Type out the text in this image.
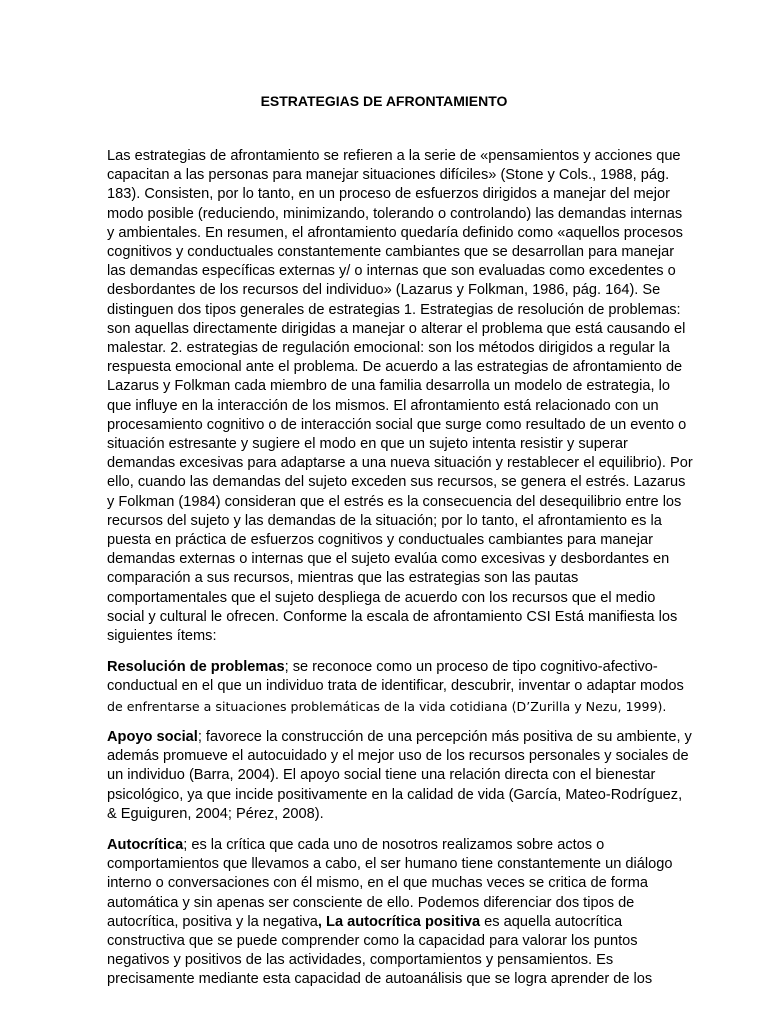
ESTRATEGIAS DE AFRONTAMIENTO
Las estrategias de afrontamiento se refieren a la serie de «pensamientos y acciones que
capacitan a las personas para manejar situaciones difíciles» (Stone y Cols., 1988, pág.
183). Consisten, por lo tanto, en un proceso de esfuerzos dirigidos a manejar del mejor
modo posible (reduciendo, minimizando, tolerando o controlando) las demandas internas
y ambientales. En resumen, el afrontamiento quedaría definido como «aquellos procesos
cognitivos y conductuales constantemente cambiantes que se desarrollan para manejar
las demandas específicas externas y/ o internas que son evaluadas como excedentes o
desbordantes de los recursos del individuo» (Lazarus y Folkman, 1986, pág. 164). Se
distinguen dos tipos generales de estrategias 1. Estrategias de resolución de problemas:
son aquellas directamente dirigidas a manejar o alterar el problema que está causando el
malestar. 2. estrategias de regulación emocional: son los métodos dirigidos a regular la
respuesta emocional ante el problema. De acuerdo a las estrategias de afrontamiento de
Lazarus y Folkman cada miembro de una familia desarrolla un modelo de estrategia, lo
que influye en la interacción de los mismos. El afrontamiento está relacionado con un
procesamiento cognitivo o de interacción social que surge como resultado de un evento o
situación estresante y sugiere el modo en que un sujeto intenta resistir y superar
demandas excesivas para adaptarse a una nueva situación y restablecer el equilibrio). Por
ello, cuando las demandas del sujeto exceden sus recursos, se genera el estrés. Lazarus
y Folkman (1984) consideran que el estrés es la consecuencia del desequilibrio entre los
recursos del sujeto y las demandas de la situación; por lo tanto, el afrontamiento es la
puesta en práctica de esfuerzos cognitivos y conductuales cambiantes para manejar
demandas externas o internas que el sujeto evalúa como excesivas y desbordantes en
comparación a sus recursos, mientras que las estrategias son las pautas
comportamentales que el sujeto despliega de acuerdo con los recursos que el medio
social y cultural le ofrecen. Conforme la escala de afrontamiento CSI Está manifiesta los
siguientes ítems:
Resolución de problemas; se reconoce como un proceso de tipo cognitivo-afectivo-
conductual en el que un individuo trata de identificar, descubrir, inventar o adaptar modos
de enfrentarse a situaciones problemáticas de la vida cotidiana (D’Zurilla y Nezu, 1999).
Apoyo social; favorece la construcción de una percepción más positiva de su ambiente, y
además promueve el autocuidado y el mejor uso de los recursos personales y sociales de
un individuo (Barra, 2004). El apoyo social tiene una relación directa con el bienestar
psicológico, ya que incide positivamente en la calidad de vida (García, Mateo-Rodríguez,
& Eguiguren, 2004; Pérez, 2008).
Autocrítica; es la crítica que cada uno de nosotros realizamos sobre actos o
comportamientos que llevamos a cabo, el ser humano tiene constantemente un diálogo
interno o conversaciones con él mismo, en el que muchas veces se critica de forma
automática y sin apenas ser consciente de ello. Podemos diferenciar dos tipos de
autocrítica, positiva y la negativa, La autocrítica positiva es aquella autocrítica
constructiva que se puede comprender como la capacidad para valorar los puntos
negativos y positivos de las actividades, comportamientos y pensamientos. Es
precisamente mediante esta capacidad de autoanálisis que se logra aprender de los
